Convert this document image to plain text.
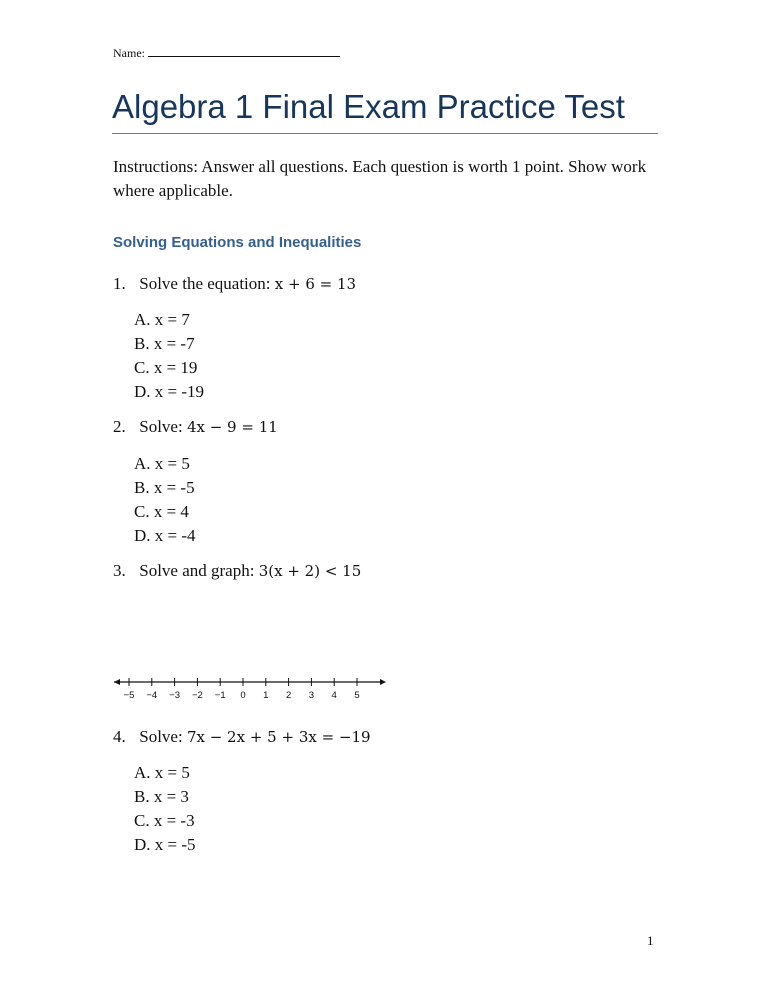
Name:
Algebra 1 Final Exam Practice Test

Instructions: Answer all questions. Each question is worth 1 point. Show work where applicable.

Solving Equations and Inequalities
1. Solve the equation: x + 6 = 13
A. x = 7
B. x = -7
C. x = 19
D. x = -19
2. Solve: 4x − 9 = 11
A. x = 5
B. x = -5
C. x = 4
D. x = -4
3. Solve and graph: 3(x + 2) < 15
−5 −4 −3 −2 −1 0 1 2 3 4 5
4. Solve: 7x − 2x + 5 + 3x = −19
A. x = 5
B. x = 3
C. x = -3
D. x = -5
1
